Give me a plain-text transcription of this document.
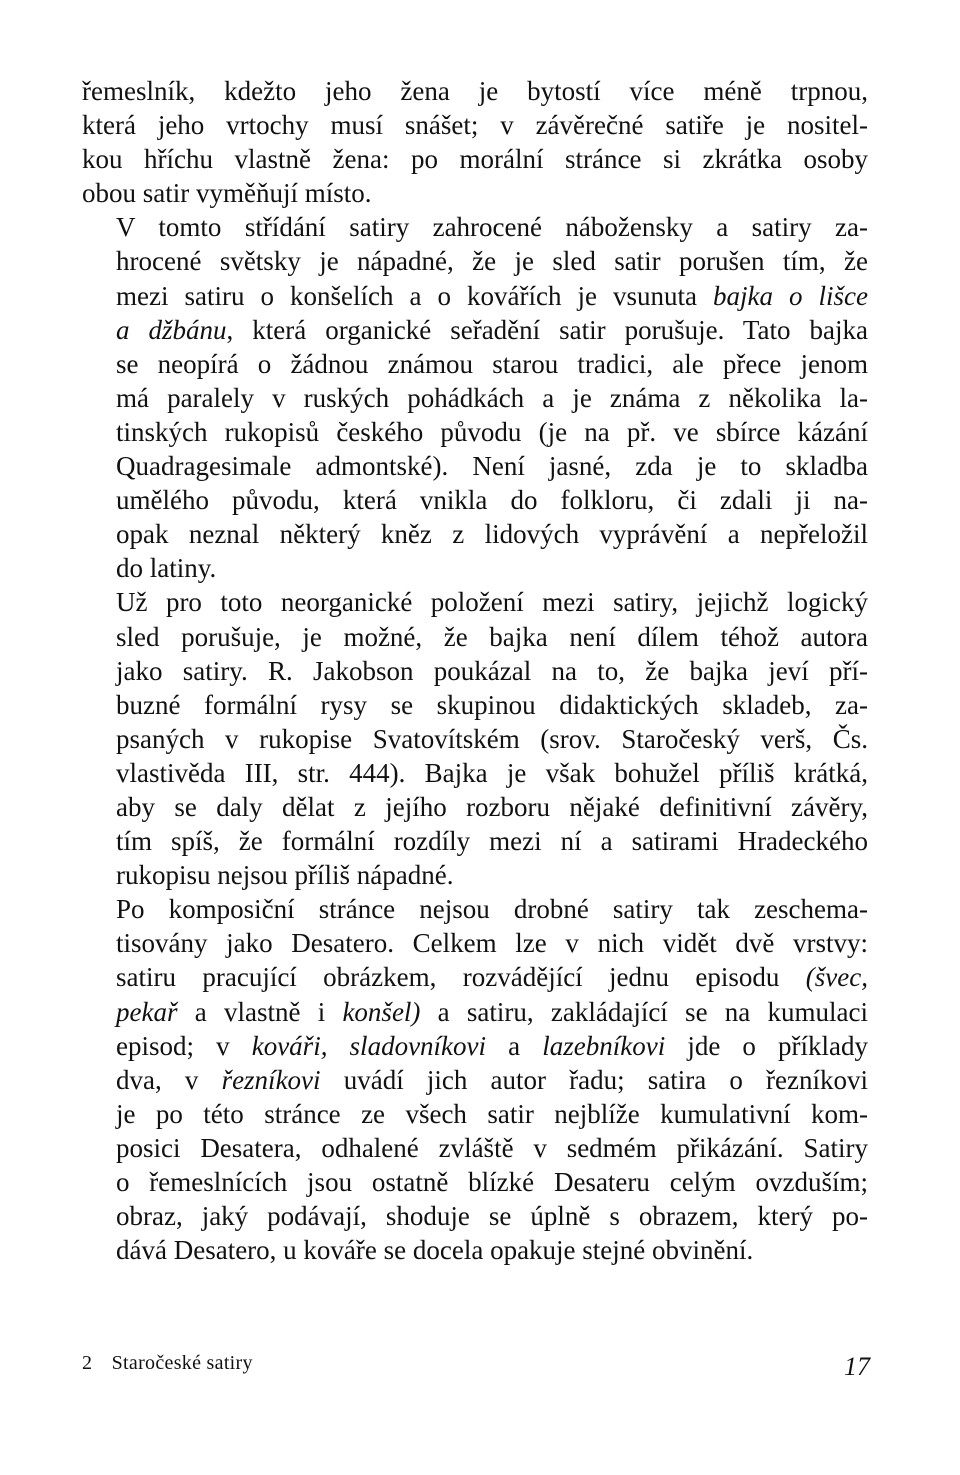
řemeslník, kdežto jeho žena je bytostí více méně trpnou,
která jeho vrtochy musí snášet; v závěrečné satiře je nositel-
kou hříchu vlastně žena: po morální stránce si zkrátka osoby
obou satir vyměňují místo.

V tomto střídání satiry zahrocené nábožensky a satiry za-
hrocené světsky je nápadné, že je sled satir porušen tím, že
mezi satiru o konšelích a o kovářích je vsunuta bajka o lišce
a džbánu, která organické seřadění satir porušuje. Tato bajka
se neopírá o žádnou známou starou tradici, ale přece jenom
má paralely v ruských pohádkách a je známa z několika la-
tinských rukopisů českého původu (je na př. ve sbírce kázání
Quadragesimale admontské). Není jasné, zda je to skladba
umělého původu, která vnikla do folkloru, či zdali ji na-
opak neznal některý kněz z lidových vyprávění a nepřeložil
do latiny.

Už pro toto neorganické položení mezi satiry, jejichž logický
sled porušuje, je možné, že bajka není dílem téhož autora
jako satiry. R. Jakobson poukázal na to, že bajka jeví pří-
buzné formální rysy se skupinou didaktických skladeb, za-
psaných v rukopise Svatovítském (srov. Staročeský verš, Čs.
vlastivěda III, str. 444). Bajka je však bohužel příliš krátká,
aby se daly dělat z jejího rozboru nějaké definitivní závěry,
tím spíš, že formální rozdíly mezi ní a satirami Hradeckého
rukopisu nejsou příliš nápadné.

Po komposiční stránce nejsou drobné satiry tak zeschema-
tisovány jako Desatero. Celkem lze v nich vidět dvě vrstvy:
satiru pracující obrázkem, rozvádějící jednu episodu (švec,
pekař a vlastně i konšel) a satiru, zakládající se na kumulaci
episod; v kováři, sladovníkovi a lazebníkovi jde o příklady
dva, v řezníkovi uvádí jich autor řadu; satira o řezníkovi
je po této stránce ze všech satir nejblíže kumulativní kom-
posici Desatera, odhalené zvláště v sedmém přikázání. Satiry
o řemeslnících jsou ostatně blízké Desateru celým ovzduším;
obraz, jaký podávají, shoduje se úplně s obrazem, který po-
dává Desatero, u kováře se docela opakuje stejné obvinění.

2 Staročeské satiry	17
